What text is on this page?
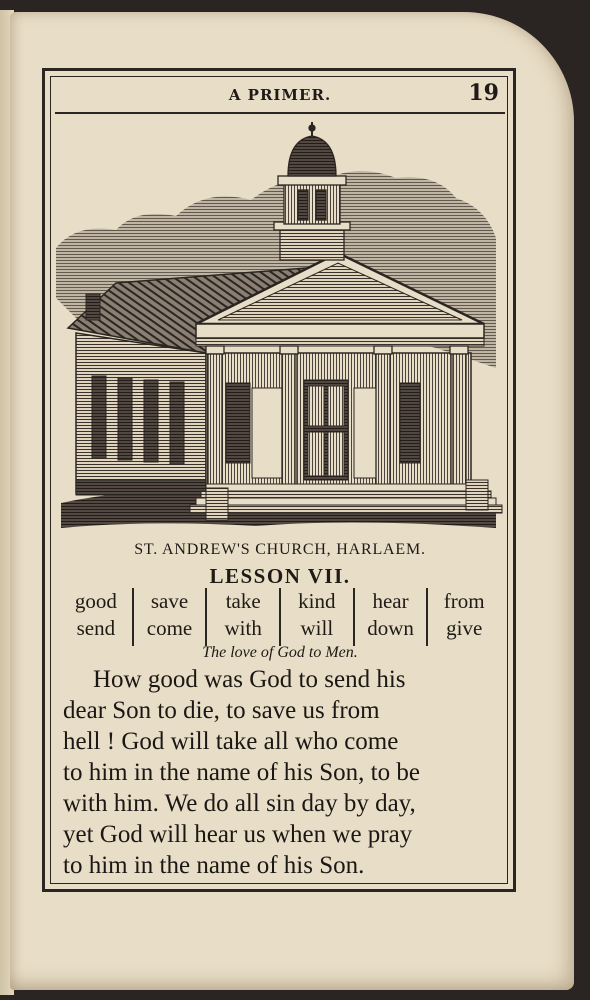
A PRIMER.	19
ST. ANDREW'S CHURCH, HARLAEM.
LESSON VII.
good
send
save
come
take
with
kind
will
hear
down
from
give
The love of God to Men.
How good was God to send his
dear Son to die, to save us from
hell ! God will take all who come
to him in the name of his Son, to be
with him. We do all sin day by day,
yet God will hear us when we pray
to him in the name of his Son.
